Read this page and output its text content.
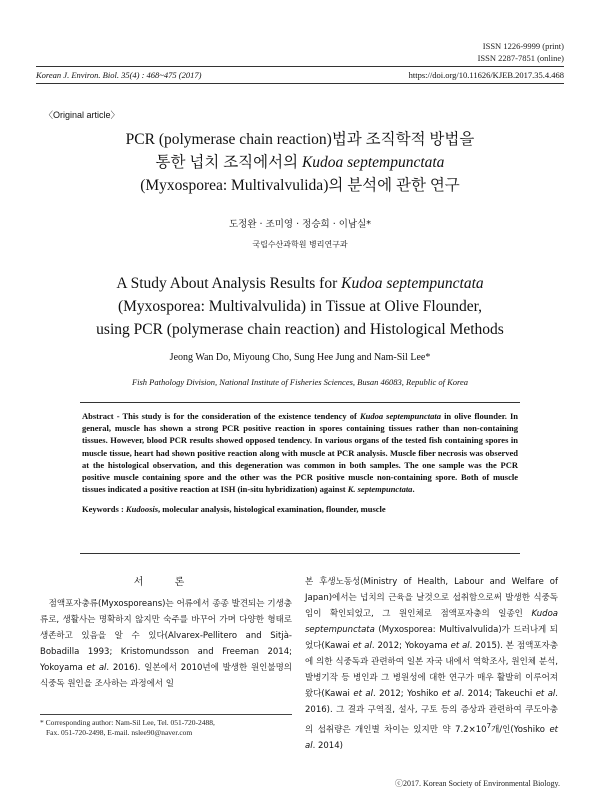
ISSN 1226-9999 (print)
ISSN 2287-7851 (online)
Korean J. Environ. Biol. 35(4) : 468~475 (2017)	https://doi.org/10.11626/KJEB.2017.35.4.468
〈Original article〉
PCR (polymerase chain reaction)법과 조직학적 방법을
통한 넙치 조직에서의 Kudoa septempunctata
(Myxosporea: Multivalvulida)의 분석에 관한 연구
도정완 · 조미영 · 정승희 · 이남실*
국립수산과학원 병리연구과
A Study About Analysis Results for Kudoa septempunctata
(Myxosporea: Multivalvulida) in Tissue at Olive Flounder,
using PCR (polymerase chain reaction) and Histological Methods
Jeong Wan Do, Miyoung Cho, Sung Hee Jung and Nam-Sil Lee*
Fish Pathology Division, National Institute of Fisheries Sciences, Busan 46083, Republic of Korea
Abstract - This study is for the consideration of the existence tendency of Kudoa septempunctata in olive flounder. In general, muscle has shown a strong PCR positive reaction in spores containing tissues rather than non-containing tissues. However, blood PCR results showed opposed tendency. In various organs of the tested fish containing spores in muscle tissue, heart had shown positive reaction along with muscle at PCR analysis. Muscle fiber necrosis was observed at the histological observation, and this degeneration was common in both samples. The one sample was the PCR positive muscle containing spore and the other was the PCR positive muscle non-containing spore. Both of muscle tissues indicated a positive reaction at ISH (in-situ hybridization) against K. septempunctata.
Keywords : Kudoosis, molecular analysis, histological examination, flounder, muscle
서 론
점액포자충류(Myxosporeans)는 어류에서 종종 발견되는 기생충류로, 생활사는 명확하지 않지만 숙주를 바꾸어 가며 다양한 형태로 생존하고 있음을 알 수 있다(Alvarex-Pellitero and Sitjà-Bobadilla 1993; Kristomundsson and Freeman 2014; Yokoyama et al. 2016). 일본에서 2010년에 발생한 원인불명의 식중독 원인을 조사하는 과정에서 일
본 후생노동성(Ministry of Health, Labour and Welfare of Japan)에서는 넙치의 근육을 날것으로 섭취함으로써 발생한 식중독임이 확인되었고, 그 원인체로 점액포자충의 일종인 Kudoa septempunctata (Myxosporea: Multivalvulida)가 드러나게 되었다(Kawai et al. 2012; Yokoyama et al. 2015). 본 점액포자충에 의한 식중독과 관련하여 일본 자국 내에서 역학조사, 원인체 분석, 발병기작 등 병인과 그 병원성에 대한 연구가 매우 활발히 이루어져 왔다(Kawai et al. 2012; Yoshiko et al. 2014; Takeuchi et al. 2016). 그 결과 구역질, 설사, 구토 등의 증상과 관련하여 쿠도아충의 섭취량은 개인별 차이는 있지만 약 $7.2\times 10^7$개/인(Yoshiko et al. 2014)
* Corresponding author: Nam-Sil Lee, Tel. 051-720-2488,
Fax. 051-720-2498, E-mail. nslee90@naver.com
ⓒ2017. Korean Society of Environmental Biology.
